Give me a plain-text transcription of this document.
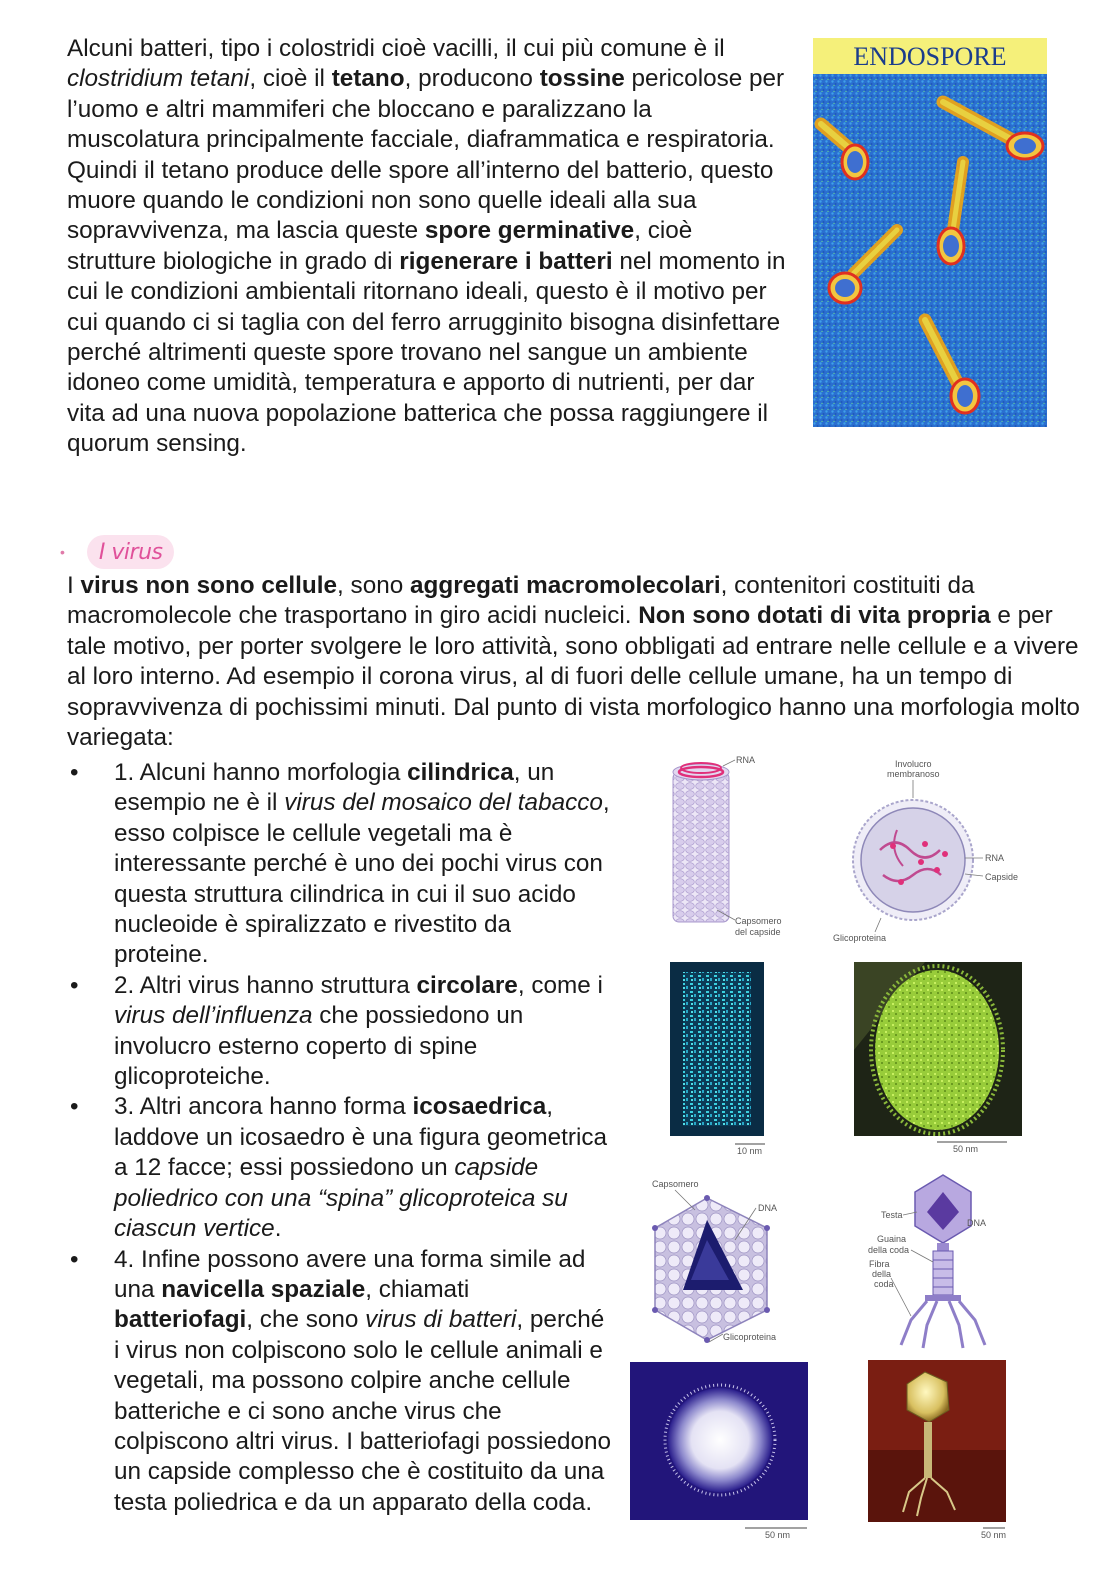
Alcuni batteri, tipo i colostridi cioè vacilli, il cui più comune è il clostridium tetani, cioè il tetano, producono tossine pericolose per l’uomo e altri mammiferi che bloccano e paralizzano la muscolatura principalmente facciale, diaframmatica e respiratoria. Quindi il tetano produce delle spore all’interno del batterio, questo muore quando le condizioni non sono quelle ideali alla sua sopravvivenza, ma lascia queste spore germinative, cioè strutture biologiche in grado di rigenerare i batteri nel momento in cui le condizioni ambientali ritornano ideali, questo è il motivo per cui quando ci si taglia con del ferro arrugginito bisogna disinfettare perché altrimenti queste spore trovano nel sangue un ambiente idoneo come umidità, temperatura e apporto di nutrienti, per dar vita ad una nuova popolazione batterica che possa raggiungere il quorum sensing.
ENDOSPORE
•	I virus
I virus non sono cellule, sono aggregati macromolecolari, contenitori costituiti da macromolecole che trasportano in giro acidi nucleici. Non sono dotati di vita propria e per tale motivo, per porter svolgere le loro attività, sono obbligati ad entrare nelle cellule e a vivere al loro interno. Ad esempio il corona virus, al di fuori delle cellule umane, ha un tempo di sopravvivenza di pochissimi minuti. Dal punto di vista morfologico hanno una morfologia molto variegata:
• 1. Alcuni hanno morfologia cilindrica, un esempio ne è il virus del mosaico del tabacco, esso colpisce le cellule vegetali ma è interessante perché è uno dei pochi virus con questa struttura cilindrica in cui il suo acido nucleoide è spiralizzato e rivestito da proteine.
• 2. Altri virus hanno struttura circolare, come i virus dell’influenza che possiedono un involucro esterno coperto di spine glicoproteiche.
• 3. Altri ancora hanno forma icosaedrica, laddove un icosaedro è una figura geometrica a 12 facce; essi possiedono un capside poliedrico con una “spina” glicoproteica su ciascun vertice.
• 4. Infine possono avere una forma simile ad una navicella spaziale, chiamati batteriofagi, che sono virus di batteri, perché i virus non colpiscono solo le cellule animali e vegetali, ma possono colpire anche cellule batteriche e ci sono anche virus che colpiscono altri virus. I batteriofagi possiedono un capside complesso che è costituito da una testa poliedrica e da un apparato della coda.
RNA
Capsomero
del capside
Involucro
membranoso
RNA
Capside
Glicoproteina
10 nm	50 nm
Capsomero
DNA
Glicoproteina
Testa
DNA
Guaina
della coda
Fibra
della
coda
50 nm	50 nm
